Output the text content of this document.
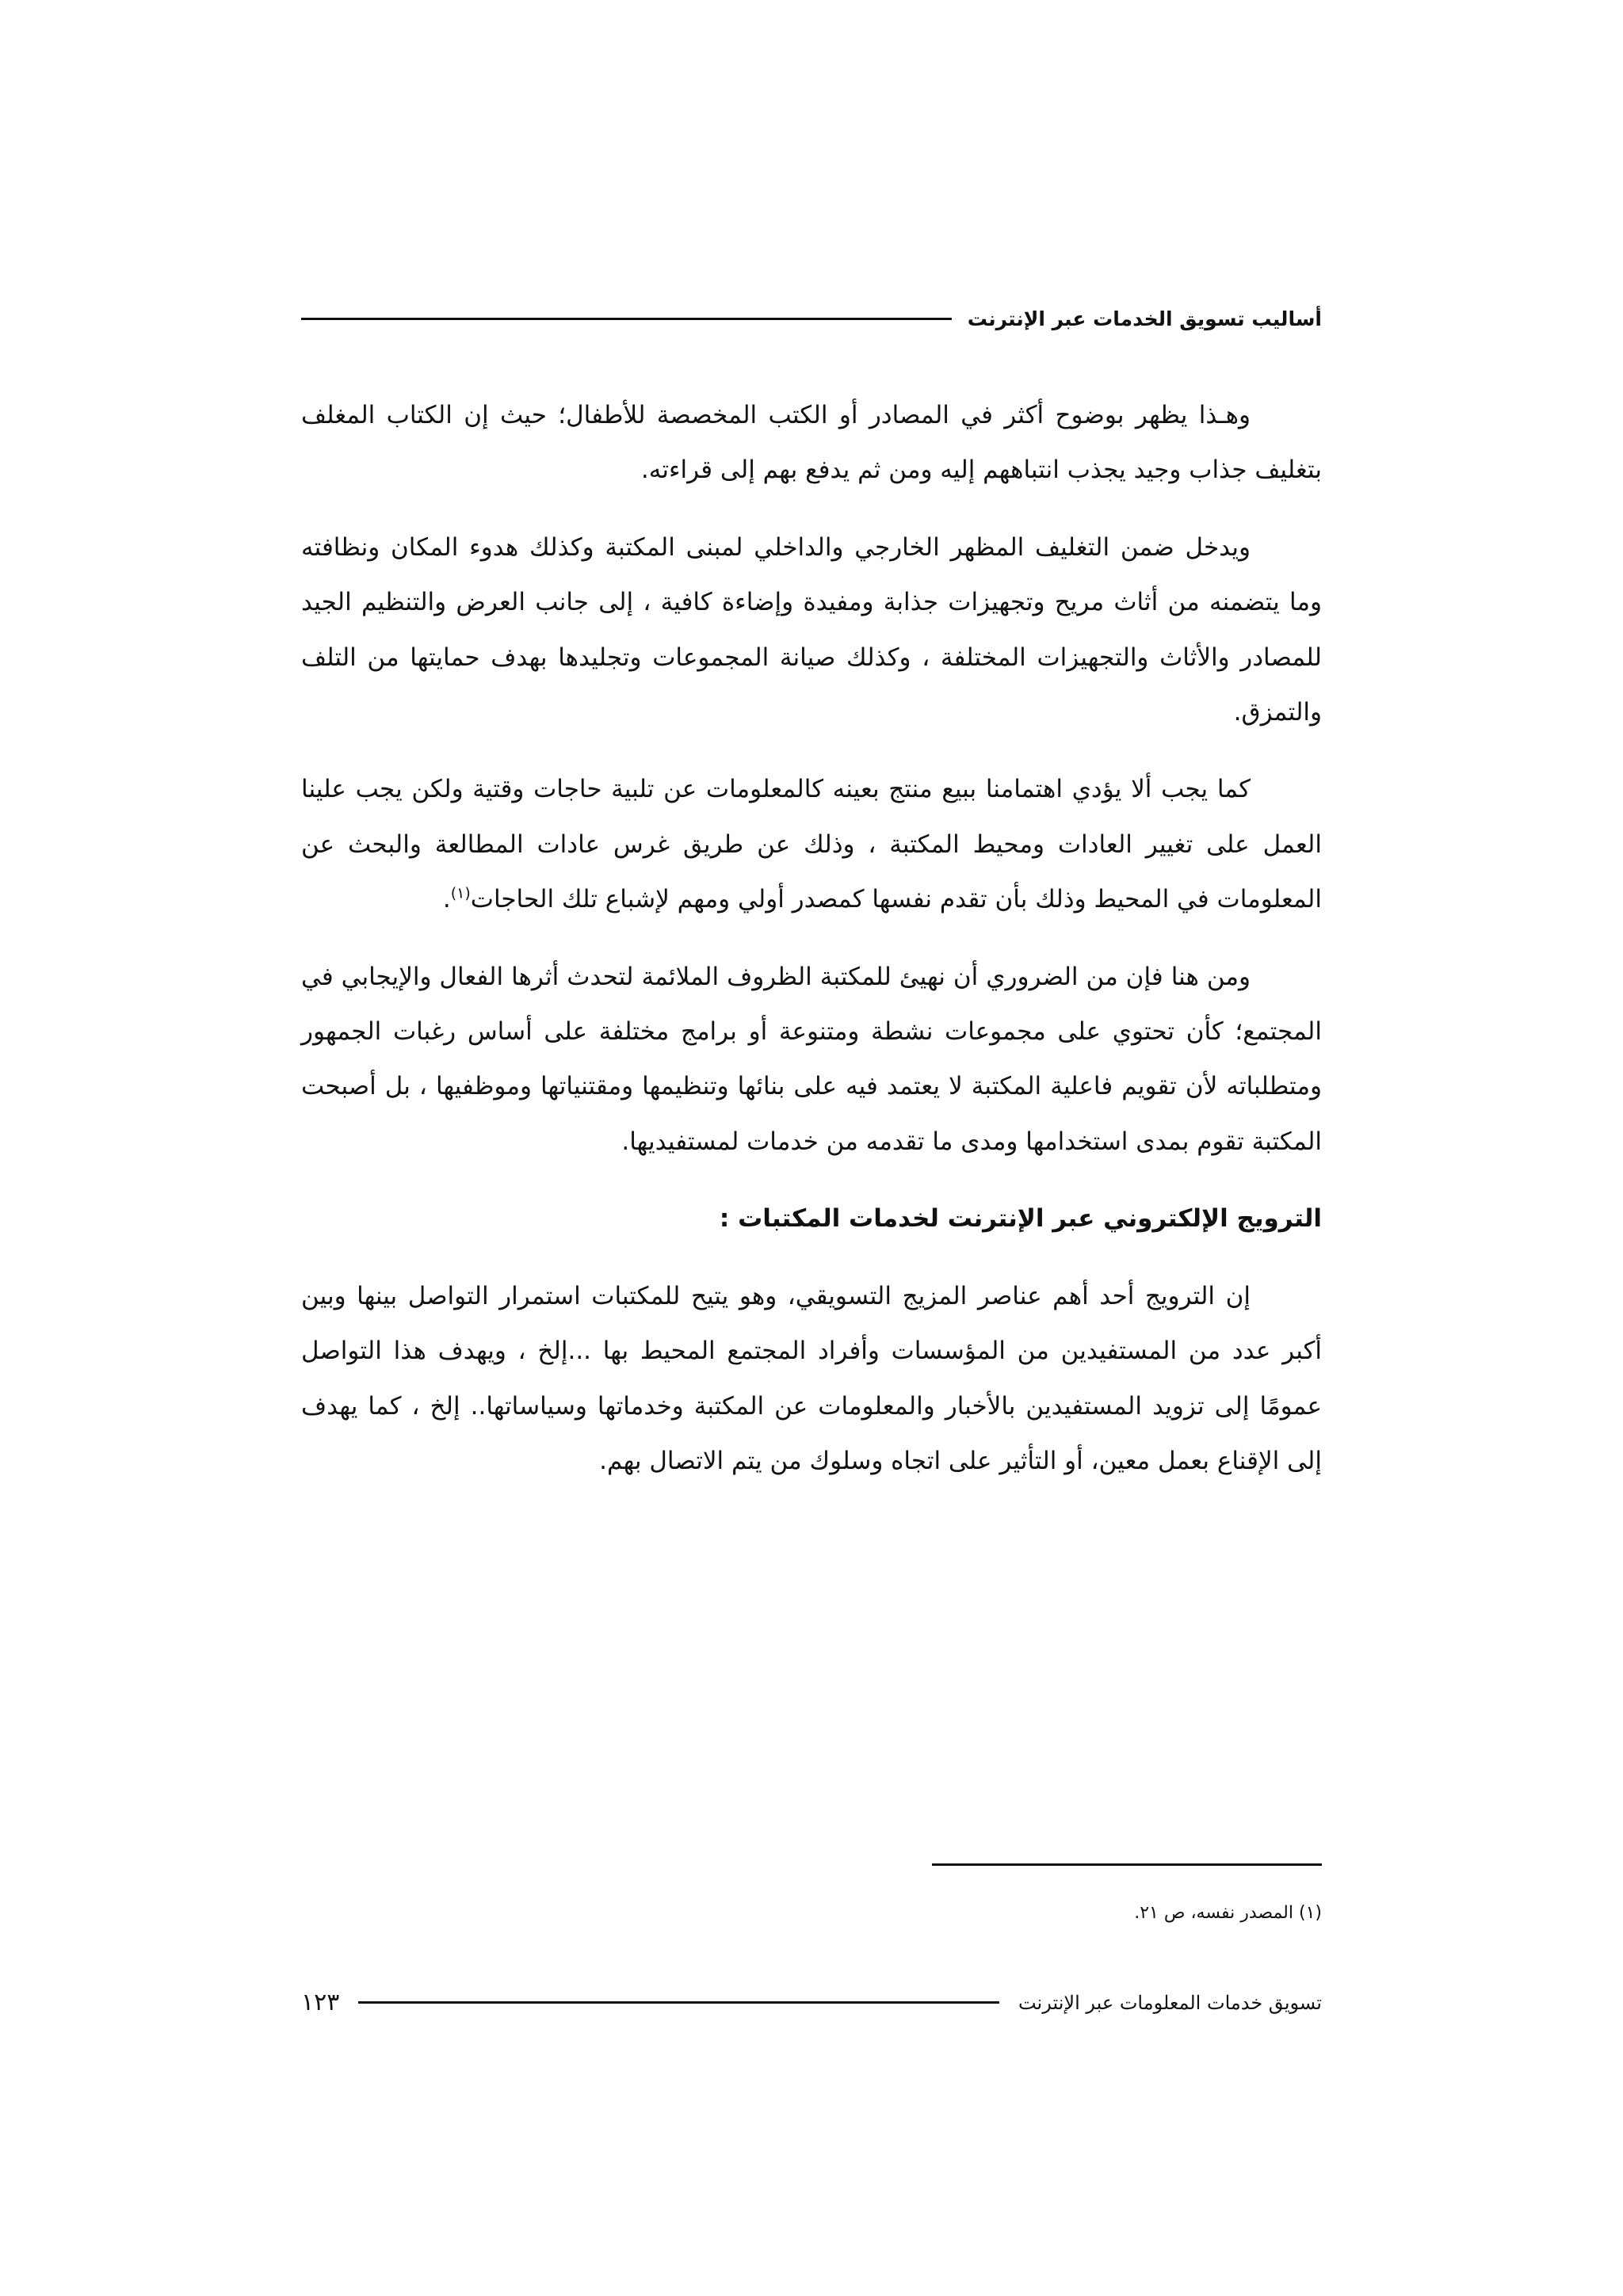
أساليب تسويق الخدمات عبر الإنترنت

وهـذا يظهر بوضوح أكثر في المصادر أو الكتب المخصصة للأطفال؛ حيث إن الكتاب المغلف بتغليف جذاب وجيد يجذب انتباههم إليه ومن ثم يدفع بهم إلى قراءته.

ويدخل ضمن التغليف المظهر الخارجي والداخلي لمبنى المكتبة وكذلك هدوء المكان ونظافته وما يتضمنه من أثاث مريح وتجهيزات جذابة ومفيدة وإضاءة كافية ، إلى جانب العرض والتنظيم الجيد للمصادر والأثاث والتجهيزات المختلفة ، وكذلك صيانة المجموعات وتجليدها بهدف حمايتها من التلف والتمزق.

كما يجب ألا يؤدي اهتمامنا ببيع منتج بعينه كالمعلومات عن تلبية حاجات وقتية ولكن يجب علينا العمل على تغيير العادات ومحيط المكتبة ، وذلك عن طريق غرس عادات المطالعة والبحث عن المعلومات في المحيط وذلك بأن تقدم نفسها كمصدر أولي ومهم لإشباع تلك الحاجات$^{(١)}$.

ومن هنا فإن من الضروري أن نهيئ للمكتبة الظروف الملائمة لتحدث أثرها الفعال والإيجابي في المجتمع؛ كأن تحتوي على مجموعات نشطة ومتنوعة أو برامج مختلفة على أساس رغبات الجمهور ومتطلباته لأن تقويم فاعلية المكتبة لا يعتمد فيه على بنائها وتنظيمها ومقتنياتها وموظفيها ، بل أصبحت المكتبة تقوم بمدى استخدامها ومدى ما تقدمه من خدمات لمستفيديها.

الترويج الإلكتروني عبر الإنترنت لخدمات المكتبات :

إن الترويج أحد أهم عناصر المزيج التسويقي، وهو يتيح للمكتبات استمرار التواصل بينها وبين أكبر عدد من المستفيدين من المؤسسات وأفراد المجتمع المحيط بها ...إلخ ، ويهدف هذا التواصل عمومًا إلى تزويد المستفيدين بالأخبار والمعلومات عن المكتبة وخدماتها وسياساتها.. إلخ ، كما يهدف إلى الإقناع بعمل معين، أو التأثير على اتجاه وسلوك من يتم الاتصال بهم.

(١) المصدر نفسه، ص ٢١.
تسويق خدمات المعلومات عبر الإنترنت
١٢٣
